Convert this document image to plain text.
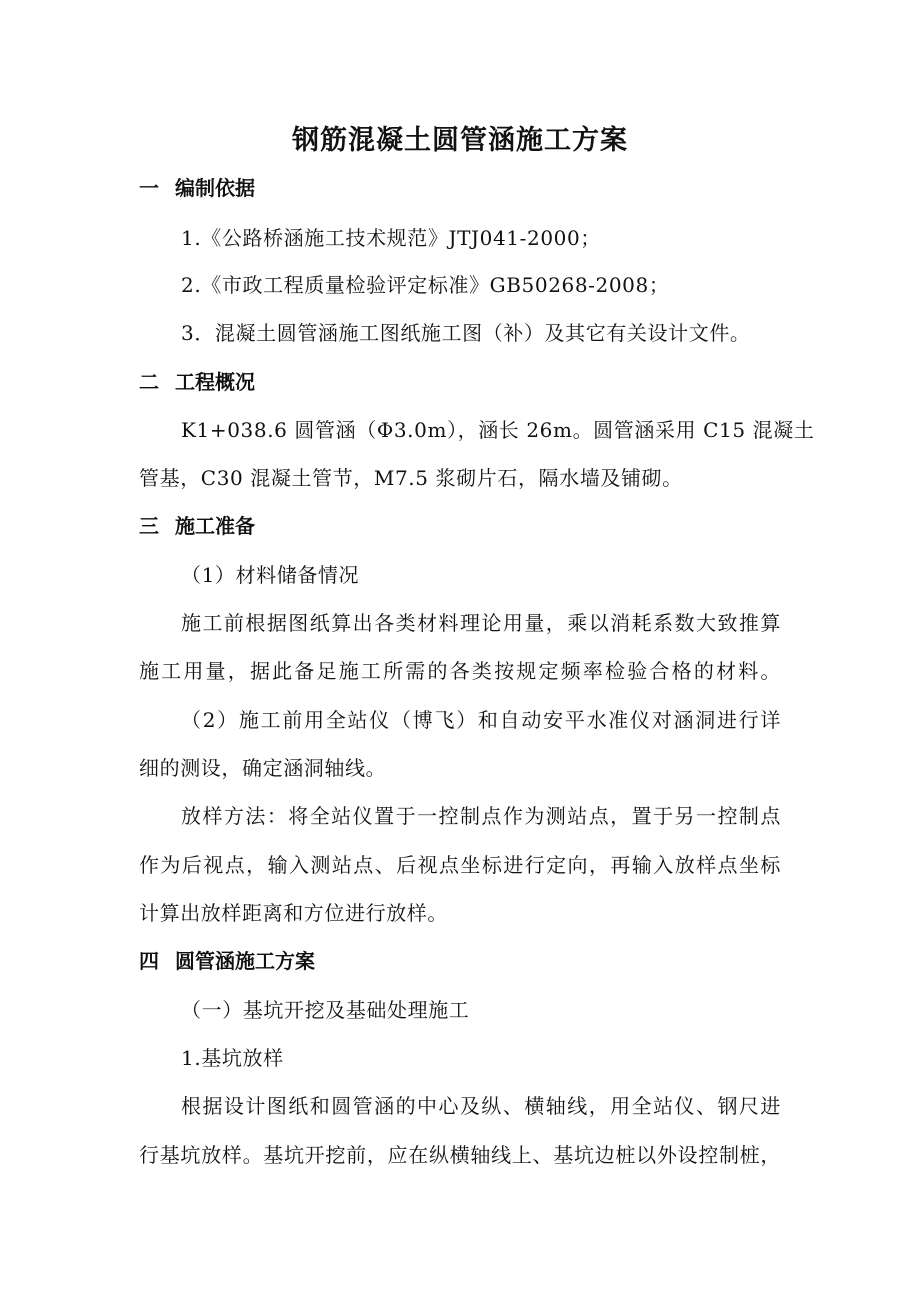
钢筋混凝土圆管涵施工方案
一 编制依据
1.《公路桥涵施工技术规范》JTJ041-2000；
2.《市政工程质量检验评定标准》GB50268-2008；
3．混凝土圆管涵施工图纸施工图（补）及其它有关设计文件。
二 工程概况
K1+038.6 圆管涵（Φ3.0m），涵长 26m。圆管涵采用 C15 混凝土
管基，C30 混凝土管节，M7.5 浆砌片石，隔水墙及铺砌。
三 施工准备
（1）材料储备情况
施工前根据图纸算出各类材料理论用量，乘以消耗系数大致推算
施工用量，据此备足施工所需的各类按规定频率检验合格的材料。
（2）施工前用全站仪（博飞）和自动安平水准仪对涵洞进行详
细的测设，确定涵洞轴线。
放样方法：将全站仪置于一控制点作为测站点，置于另一控制点
作为后视点，输入测站点、后视点坐标进行定向，再输入放样点坐标
计算出放样距离和方位进行放样。
四 圆管涵施工方案
（一）基坑开挖及基础处理施工
1.基坑放样
根据设计图纸和圆管涵的中心及纵、横轴线，用全站仪、钢尺进
行基坑放样。基坑开挖前，应在纵横轴线上、基坑边桩以外设控制桩，
